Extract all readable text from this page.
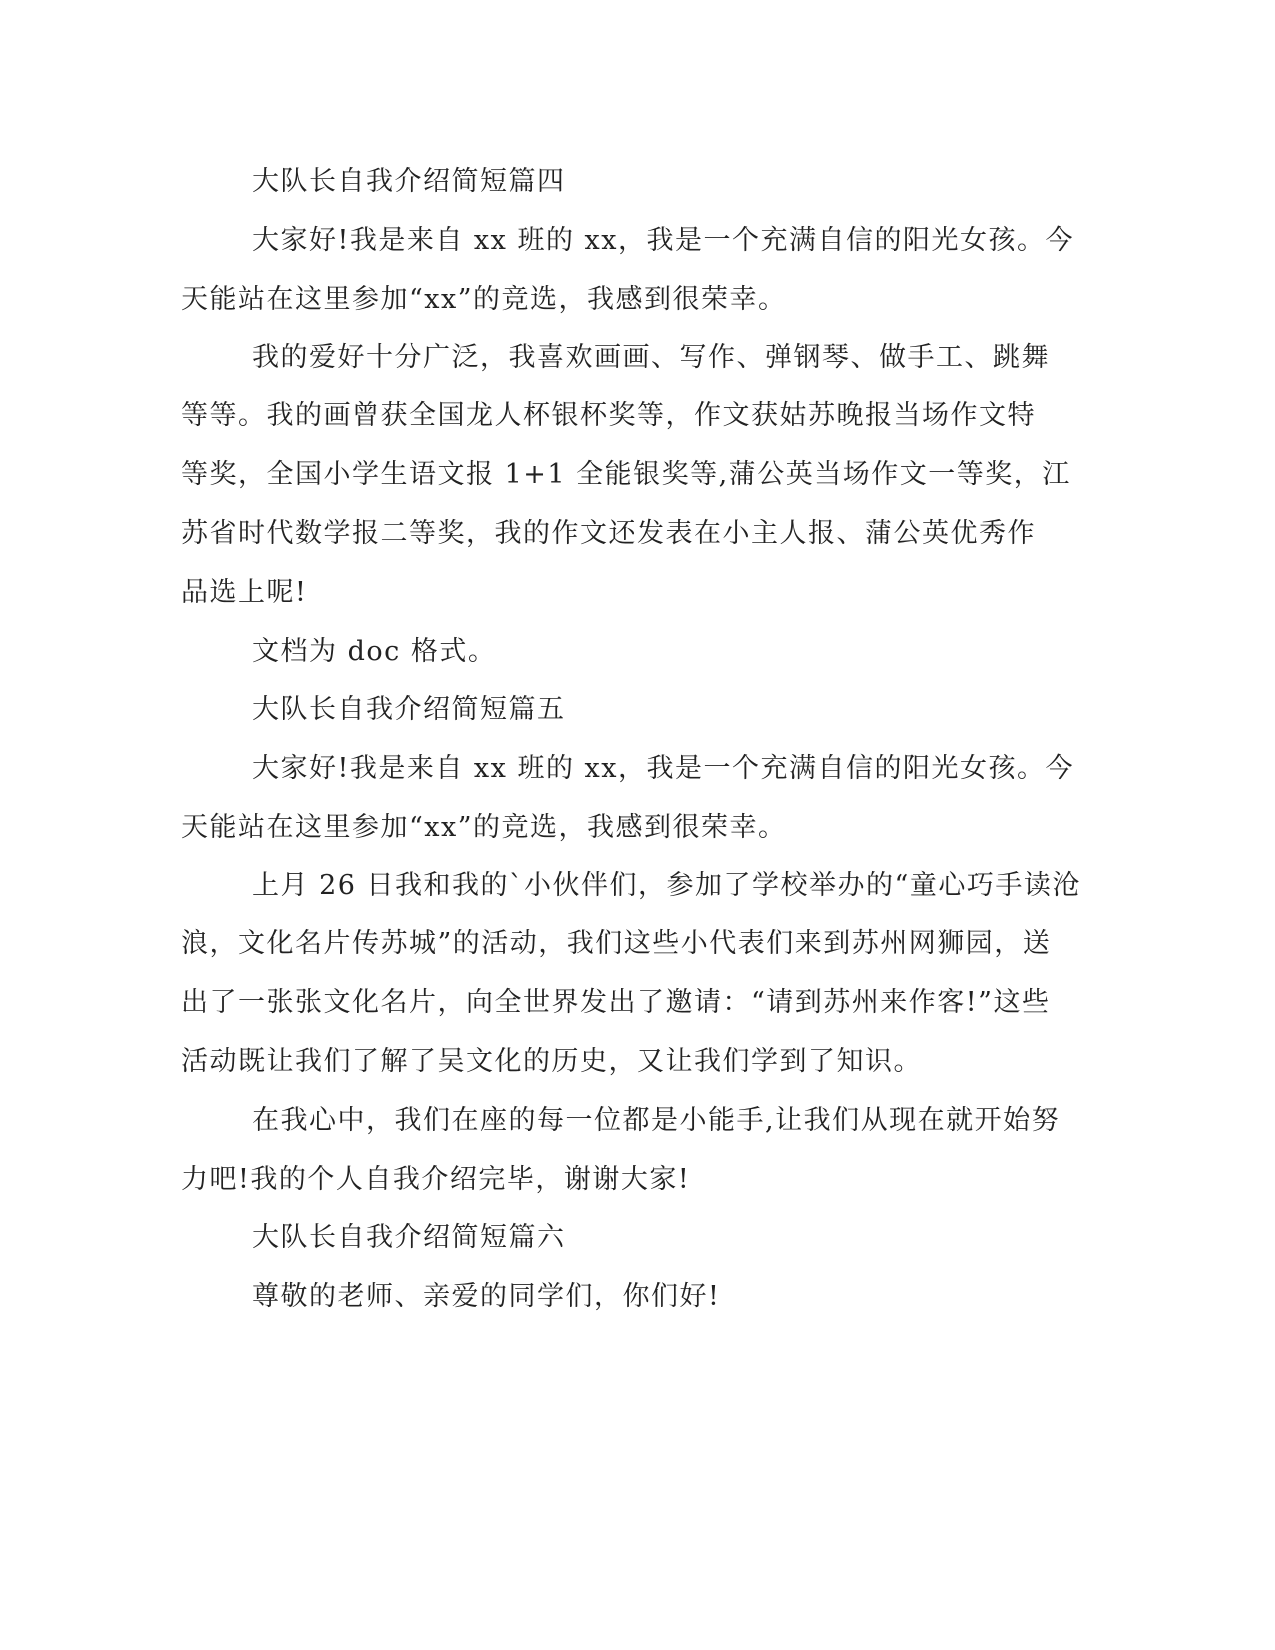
大队长自我介绍简短篇四
大家好!我是来自 xx 班的 xx，我是一个充满自信的阳光女孩。今
天能站在这里参加“xx”的竞选，我感到很荣幸。
我的爱好十分广泛，我喜欢画画、写作、弹钢琴、做手工、跳舞
等等。我的画曾获全国龙人杯银杯奖等，作文获姑苏晚报当场作文特
等奖，全国小学生语文报 1+1 全能银奖等,蒲公英当场作文一等奖，江
苏省时代数学报二等奖，我的作文还发表在小主人报、蒲公英优秀作
品选上呢!
文档为 doc 格式。
大队长自我介绍简短篇五
大家好!我是来自 xx 班的 xx，我是一个充满自信的阳光女孩。今
天能站在这里参加“xx”的竞选，我感到很荣幸。
上月 26 日我和我的`小伙伴们，参加了学校举办的“童心巧手读沧
浪，文化名片传苏城”的活动，我们这些小代表们来到苏州网狮园，送
出了一张张文化名片，向全世界发出了邀请：“请到苏州来作客!”这些
活动既让我们了解了吴文化的历史，又让我们学到了知识。
在我心中，我们在座的每一位都是小能手,让我们从现在就开始努
力吧!我的个人自我介绍完毕，谢谢大家!
大队长自我介绍简短篇六
尊敬的老师、亲爱的同学们，你们好!
